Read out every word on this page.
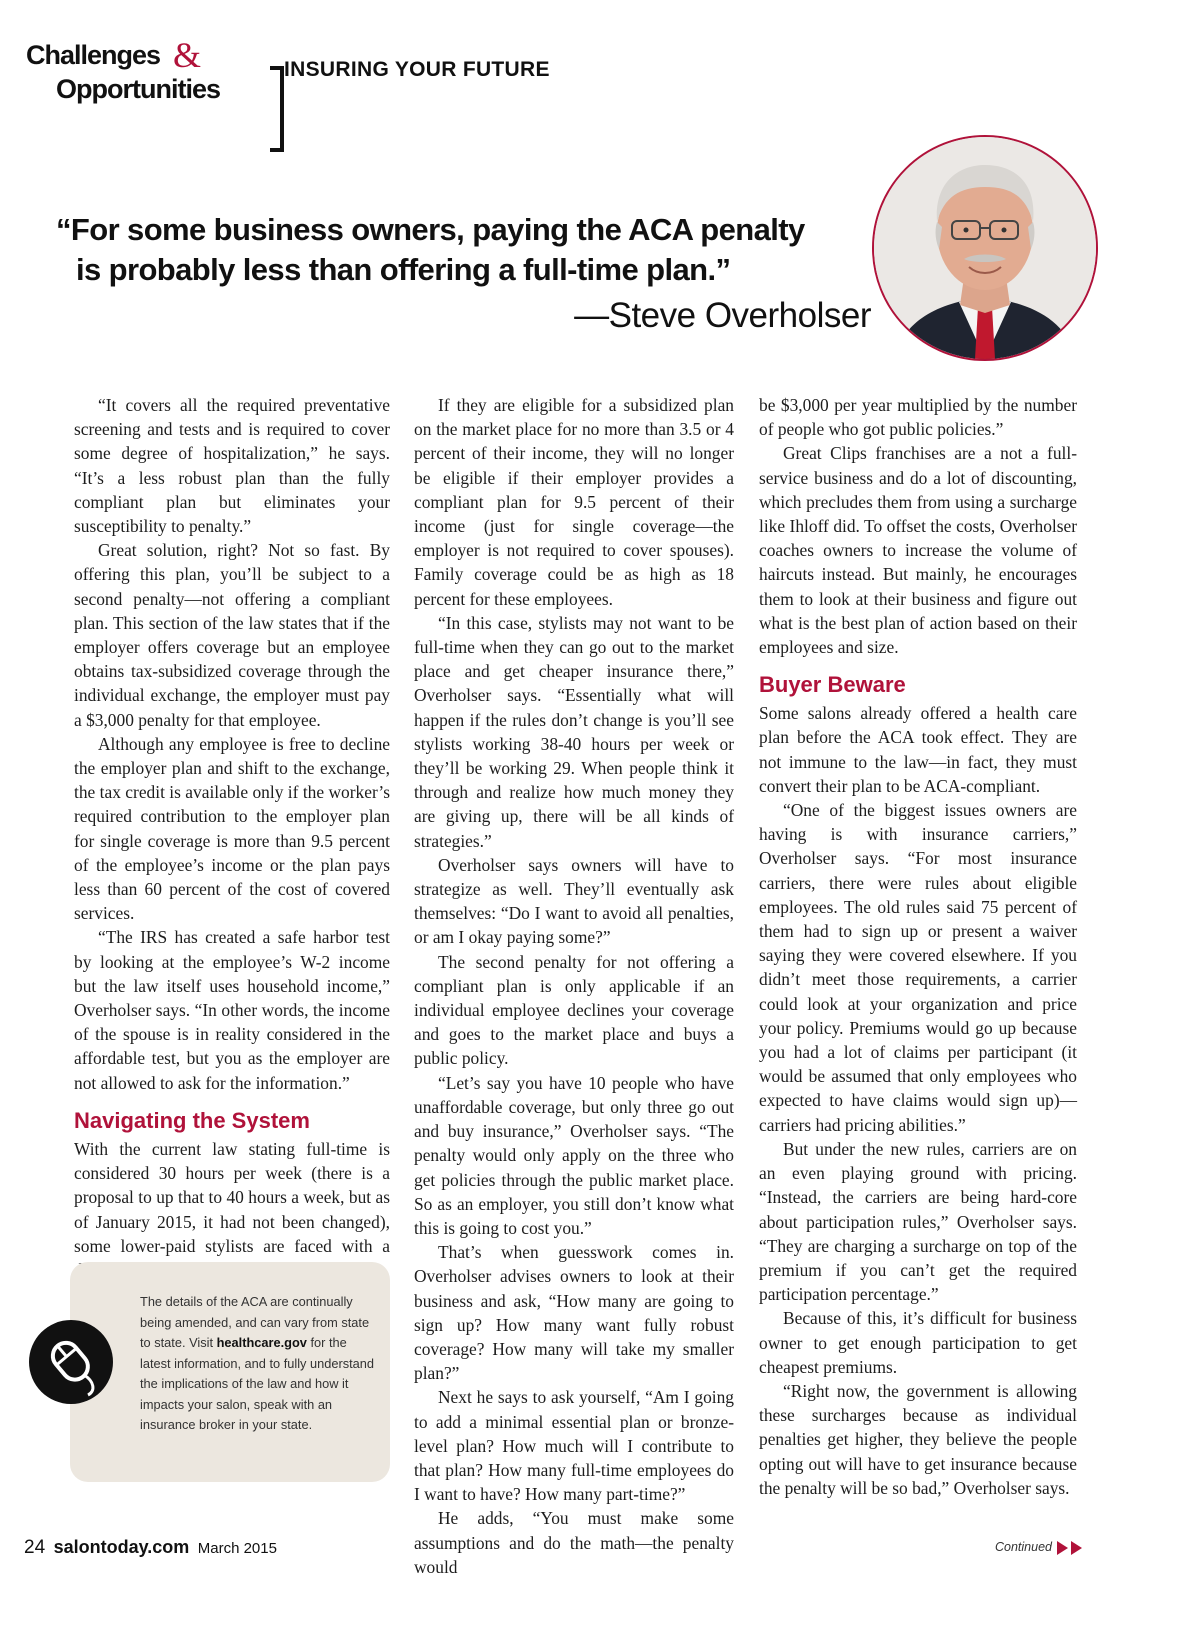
Challenges &
Opportunities
INSURING YOUR FUTURE
“For some business owners, paying the ACA penalty
is probably less than offering a full-time plan.”
—Steve Overholser

“It covers all the required preventative screening and tests and is required to cover some degree of hospitalization,” he says. “It’s a less robust plan than the fully compliant plan but eliminates your susceptibility to penalty.”

Great solution, right? Not so fast. By offering this plan, you’ll be subject to a second penalty—not offering a compliant plan. This section of the law states that if the employer offers coverage but an employee obtains tax-subsidized coverage through the individual exchange, the employer must pay a $3,000 penalty for that employee.

Although any employee is free to decline the employer plan and shift to the exchange, the tax credit is available only if the worker’s required contribution to the employer plan for single coverage is more than 9.5 percent of the employee’s income or the plan pays less than 60 percent of the cost of covered services.

“The IRS has created a safe harbor test by looking at the employee’s W-2 income but the law itself uses household income,” Overholser says. “In other words, the income of the spouse is in reality considered in the affordable test, but you as the employer are not allowed to ask for the information.”

Navigating the System

With the current law stating full-time is considered 30 hours per week (there is a proposal to up that to 40 hours a week, but as of January 2015, it had not been changed), some lower-paid stylists are faced with a

If they are eligible for a subsidized plan on the market place for no more than 3.5 or 4 percent of their income, they will no longer be eligible if their employer provides a compliant plan for 9.5 percent of their income (just for single coverage—the employer is not required to cover spouses). Family coverage could be as high as 18 percent for these employees.

“In this case, stylists may not want to be full-time when they can go out to the market place and get cheaper insurance there,” Overholser says. “Essentially what will happen if the rules don’t change is you’ll see stylists working 38-40 hours per week or they’ll be working 29. When people think it through and realize how much money they are giving up, there will be all kinds of strategies.”

Overholser says owners will have to strategize as well. They’ll eventually ask themselves: “Do I want to avoid all penalties, or am I okay paying some?”

The second penalty for not offering a compliant plan is only applicable if an individual employee declines your coverage and goes to the market place and buys a public policy.

“Let’s say you have 10 people who have unaffordable coverage, but only three go out and buy insurance,” Overholser says. “The penalty would only apply on the three who get policies through the public market place. So as an employer, you still don’t know what this is going to cost you.”

That’s when guesswork comes in. Overholser advises owners to look at their business and ask, “How many are going to sign up? How many want fully robust coverage? How many will take my smaller plan?”

Next he says to ask yourself, “Am I going to add a minimal essential plan or bronze-level plan? How much will I contribute to that plan? How many full-time employees do I want to have? How many part-time?”

He adds, “You must make some assumptions and do the math—the penalty would

be $3,000 per year multiplied by the number of people who got public policies.”

Great Clips franchises are a not a full-service business and do a lot of discounting, which precludes them from using a surcharge like Ihloff did. To offset the costs, Overholser coaches owners to increase the volume of haircuts instead. But mainly, he encourages them to look at their business and figure out what is the best plan of action based on their employees and size.

Buyer Beware

Some salons already offered a health care plan before the ACA took effect. They are not immune to the law—in fact, they must convert their plan to be ACA-compliant.

“One of the biggest issues owners are having is with insurance carriers,” Overholser says. “For most insurance carriers, there were rules about eligible employees. The old rules said 75 percent of them had to sign up or present a waiver saying they were covered elsewhere. If you didn’t meet those requirements, a carrier could look at your organization and price your policy. Premiums would go up because you had a lot of claims per participant (it would be assumed that only employees who expected to have claims would sign up)—carriers had pricing abilities.”

But under the new rules, carriers are on an even playing ground with pricing. “Instead, the carriers are being hard-core about participation rules,” Overholser says. “They are charging a surcharge on top of the premium if you can’t get the required participation percentage.”

Because of this, it’s difficult for business owner to get enough participation to get cheapest premiums.

“Right now, the government is allowing these surcharges because as individual penalties get higher, they believe the people opting out will have to get insurance because the penalty will be so bad,” Overholser says.

The details of the ACA are continually being amended, and can vary from state to state. Visit healthcare.gov for the latest information, and to fully understand the implications of the law and how it impacts your salon, speak with an insurance broker in your state.
24 salontoday.com March 2015	Continued
